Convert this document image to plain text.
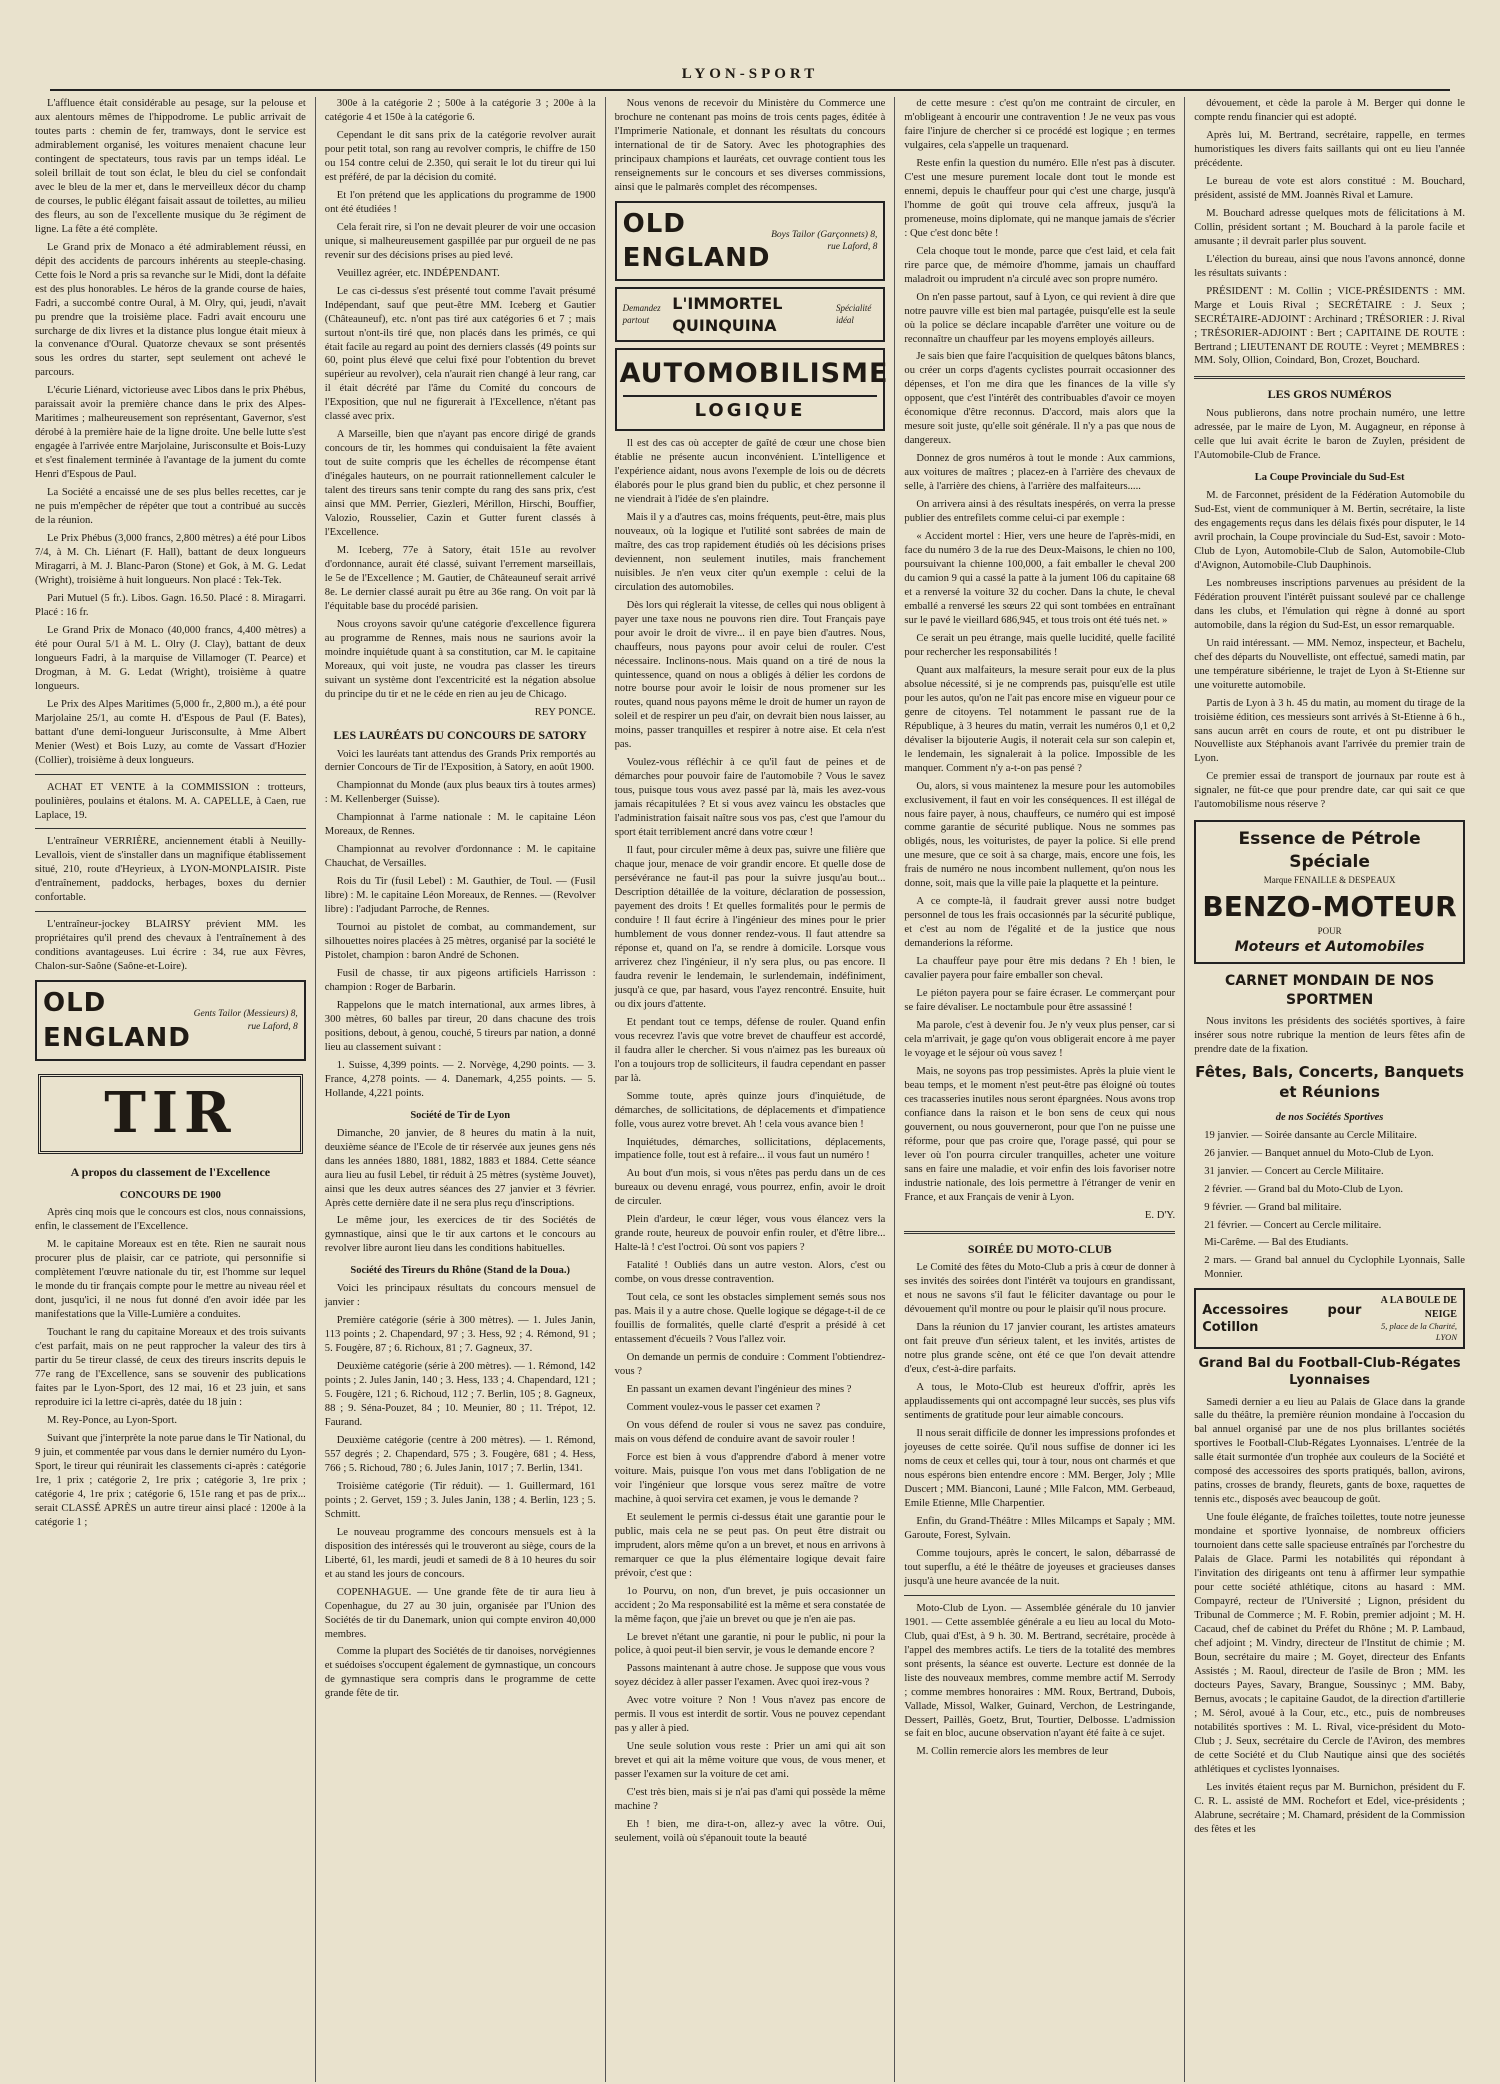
LYON-SPORT

L'affluence était considérable au pesage, sur la pelouse et aux alentours mêmes de l'hippodrome. Le public arrivait de toutes parts : chemin de fer, tramways, dont le service est admirablement organisé, les voitures menaient chacune leur contingent de spectateurs, tous ravis par un temps idéal. Le soleil brillait de tout son éclat, le bleu du ciel se confondait avec le bleu de la mer et, dans le merveilleux décor du champ de courses, le public élégant faisait assaut de toilettes, au milieu des fleurs, au son de l'excellente musique du 3e régiment de ligne. La fête a été complète.

Le Grand prix de Monaco a été admirablement réussi, en dépit des accidents de parcours inhérents au steeple-chasing. Cette fois le Nord a pris sa revanche sur le Midi, dont la défaite est des plus honorables. Le héros de la grande course de haies, Fadri, a succombé contre Oural, à M. Olry, qui, jeudi, n'avait pu prendre que la troisième place. Fadri avait encouru une surcharge de dix livres et la distance plus longue était mieux à la convenance d'Oural. Quatorze chevaux se sont présentés sous les ordres du starter, sept seulement ont achevé le parcours.

L'écurie Liénard, victorieuse avec Libos dans le prix Phébus, paraissait avoir la première chance dans le prix des Alpes-Maritimes ; malheureusement son représentant, Gavernor, s'est dérobé à la première haie de la ligne droite. Une belle lutte s'est engagée à l'arrivée entre Marjolaine, Jurisconsulte et Bois-Luzy et s'est finalement terminée à l'avantage de la jument du comte Henri d'Espous de Paul.

La Société a encaissé une de ses plus belles recettes, car je ne puis m'empêcher de répéter que tout a contribué au succès de la réunion.

Le Prix Phébus (3,000 francs, 2,800 mètres) a été pour Libos 7/4, à M. Ch. Liénart (F. Hall), battant de deux longueurs Miragarri, à M. J. Blanc-Paron (Stone) et Gok, à M. G. Ledat (Wright), troisième à huit longueurs. Non placé : Tek-Tek.

Pari Mutuel (5 fr.). Libos. Gagn. 16.50. Placé : 8. Miragarri. Placé : 16 fr.

Le Grand Prix de Monaco (40,000 francs, 4,400 mètres) a été pour Oural 5/1 à M. L. Olry (J. Clay), battant de deux longueurs Fadri, à la marquise de Villamoger (T. Pearce) et Drogman, à M. G. Ledat (Wright), troisième à quatre longueurs.

Le Prix des Alpes Maritimes (5,000 fr., 2,800 m.), a été pour Marjolaine 25/1, au comte H. d'Espous de Paul (F. Bates), battant d'une demi-longueur Jurisconsulte, à Mme Albert Menier (West) et Bois Luzy, au comte de Vassart d'Hozier (Collier), troisième à deux longueurs.

ACHAT ET VENTE à la COMMISSION : trotteurs, poulinières, poulains et étalons. M. A. CAPELLE, à Caen, rue Laplace, 19.

L'entraîneur VERRIÈRE, anciennement établi à Neuilly-Levallois, vient de s'installer dans un magnifique établissement situé, 210, route d'Heyrieux, à LYON-MONPLAISIR. Piste d'entraînement, paddocks, herbages, boxes du dernier confortable.

L'entraîneur-jockey BLAIRSY prévient MM. les propriétaires qu'il prend des chevaux à l'entraînement à des conditions avantageuses. Lui écrire : 34, rue aux Fèvres, Chalon-sur-Saône (Saône-et-Loire).

OLD ENGLAND
Gents Tailor (Messieurs) 8, rue Laford, 8
TIR
A propos du classement de l'Excellence
CONCOURS DE 1900

Après cinq mois que le concours est clos, nous connaissions, enfin, le classement de l'Excellence.

M. le capitaine Moreaux est en tête. Rien ne saurait nous procurer plus de plaisir, car ce patriote, qui personnifie si complètement l'œuvre nationale du tir, est l'homme sur lequel le monde du tir français compte pour le mettre au niveau réel et dont, jusqu'ici, il ne nous fut donné d'en avoir idée par les manifestations que la Ville-Lumière a conduites.

Touchant le rang du capitaine Moreaux et des trois suivants c'est parfait, mais on ne peut rapprocher la valeur des tirs à partir du 5e tireur classé, de ceux des tireurs inscrits depuis le 77e rang de l'Excellence, sans se souvenir des publications faites par le Lyon-Sport, des 12 mai, 16 et 23 juin, et sans reproduire ici la lettre ci-après, datée du 18 juin :

M. Rey-Ponce, au Lyon-Sport.

Suivant que j'interprète la note parue dans le Tir National, du 9 juin, et commentée par vous dans le dernier numéro du Lyon-Sport, le tireur qui réunirait les classements ci-après : catégorie 1re, 1 prix ; catégorie 2, 1re prix ; catégorie 3, 1re prix ; catégorie 4, 1re prix ; catégorie 6, 151e rang et pas de prix... serait CLASSÉ APRÈS un autre tireur ainsi placé : 1200e à la catégorie 1 ;

300e à la catégorie 2 ; 500e à la catégorie 3 ; 200e à la catégorie 4 et 150e à la catégorie 6.

Cependant le dit sans prix de la catégorie revolver aurait pour petit total, son rang au revolver compris, le chiffre de 150 ou 154 contre celui de 2.350, qui serait le lot du tireur qui lui est préféré, de par la décision du comité.

Et l'on prétend que les applications du programme de 1900 ont été étudiées !

Cela ferait rire, si l'on ne devait pleurer de voir une occasion unique, si malheureusement gaspillée par pur orgueil de ne pas revenir sur des décisions prises au pied levé.

Veuillez agréer, etc. INDÉPENDANT.

Le cas ci-dessus s'est présenté tout comme l'avait présumé Indépendant, sauf que peut-être MM. Iceberg et Gautier (Châteauneuf), etc. n'ont pas tiré aux catégories 6 et 7 ; mais surtout n'ont-ils tiré que, non placés dans les primés, ce qui était facile au regard au point des derniers classés (49 points sur 60, point plus élevé que celui fixé pour l'obtention du brevet supérieur au revolver), cela n'aurait rien changé à leur rang, car il était décrété par l'âme du Comité du concours de l'Exposition, que nul ne figurerait à l'Excellence, n'étant pas classé avec prix.

A Marseille, bien que n'ayant pas encore dirigé de grands concours de tir, les hommes qui conduisaient la fête avaient tout de suite compris que les échelles de récompense étant d'inégales hauteurs, on ne pourrait rationnellement calculer le talent des tireurs sans tenir compte du rang des sans prix, c'est ainsi que MM. Perrier, Giezleri, Mérillon, Hirschi, Bouffier, Valozio, Rousselier, Cazin et Gutter furent classés à l'Excellence.

M. Iceberg, 77e à Satory, était 151e au revolver d'ordonnance, aurait été classé, suivant l'errement marseillais, le 5e de l'Excellence ; M. Gautier, de Châteauneuf serait arrivé 8e. Le dernier classé aurait pu être au 36e rang. On voit par là l'équitable base du procédé parisien.

Nous croyons savoir qu'une catégorie d'excellence figurera au programme de Rennes, mais nous ne saurions avoir la moindre inquiétude quant à sa constitution, car M. le capitaine Moreaux, qui voit juste, ne voudra pas classer les tireurs suivant un système dont l'excentricité est la négation absolue du principe du tir et ne le céde en rien au jeu de Chicago.

REY PONCE.

LES LAURÉATS DU CONCOURS DE SATORY

Voici les lauréats tant attendus des Grands Prix remportés au dernier Concours de Tir de l'Exposition, à Satory, en août 1900.

Championnat du Monde (aux plus beaux tirs à toutes armes) : M. Kellenberger (Suisse).

Championnat à l'arme nationale : M. le capitaine Léon Moreaux, de Rennes.

Championnat au revolver d'ordonnance : M. le capitaine Chauchat, de Versailles.

Rois du Tir (fusil Lebel) : M. Gauthier, de Toul. — (Fusil libre) : M. le capitaine Léon Moreaux, de Rennes. — (Revolver libre) : l'adjudant Parroche, de Rennes.

Tournoi au pistolet de combat, au commandement, sur silhouettes noires placées à 25 mètres, organisé par la société le Pistolet, champion : baron André de Schonen.

Fusil de chasse, tir aux pigeons artificiels Harrisson : champion : Roger de Barbarin.

Rappelons que le match international, aux armes libres, à 300 mètres, 60 balles par tireur, 20 dans chacune des trois positions, debout, à genou, couché, 5 tireurs par nation, a donné lieu au classement suivant :

1. Suisse, 4,399 points. — 2. Norvège, 4,290 points. — 3. France, 4,278 points. — 4. Danemark, 4,255 points. — 5. Hollande, 4,221 points.

Société de Tir de Lyon

Dimanche, 20 janvier, de 8 heures du matin à la nuit, deuxième séance de l'Ecole de tir réservée aux jeunes gens nés dans les années 1880, 1881, 1882, 1883 et 1884. Cette séance aura lieu au fusil Lebel, tir réduit à 25 mètres (système Jouvet), ainsi que les deux autres séances des 27 janvier et 3 février. Après cette dernière date il ne sera plus reçu d'inscriptions.

Le même jour, les exercices de tir des Sociétés de gymnastique, ainsi que le tir aux cartons et le concours au revolver libre auront lieu dans les conditions habituelles.

Société des Tireurs du Rhône (Stand de la Doua.)

Voici les principaux résultats du concours mensuel de janvier :

Première catégorie (série à 300 mètres). — 1. Jules Janin, 113 points ; 2. Chapendard, 97 ; 3. Hess, 92 ; 4. Rémond, 91 ; 5. Fougère, 87 ; 6. Richoux, 81 ; 7. Gagneux, 37.

Deuxième catégorie (série à 200 mètres). — 1. Rémond, 142 points ; 2. Jules Janin, 140 ; 3. Hess, 133 ; 4. Chapendard, 121 ; 5. Fougère, 121 ; 6. Richoud, 112 ; 7. Berlin, 105 ; 8. Gagneux, 88 ; 9. Séna-Pouzet, 84 ; 10. Meunier, 80 ; 11. Trépot, 12. Faurand.

Deuxième catégorie (centre à 200 mètres). — 1. Rémond, 557 degrés ; 2. Chapendard, 575 ; 3. Fougère, 681 ; 4. Hess, 766 ; 5. Richoud, 780 ; 6. Jules Janin, 1017 ; 7. Berlin, 1341.

Troisième catégorie (Tir réduit). — 1. Guillermard, 161 points ; 2. Gervet, 159 ; 3. Jules Janin, 138 ; 4. Berlin, 123 ; 5. Schmitt.

Le nouveau programme des concours mensuels est à la disposition des intéressés qui le trouveront au siège, cours de la Liberté, 61, les mardi, jeudi et samedi de 8 à 10 heures du soir et au stand les jours de concours.

COPENHAGUE. — Une grande fête de tir aura lieu à Copenhague, du 27 au 30 juin, organisée par l'Union des Sociétés de tir du Danemark, union qui compte environ 40,000 membres.

Comme la plupart des Sociétés de tir danoises, norvégiennes et suédoises s'occupent également de gymnastique, un concours de gymnastique sera compris dans le programme de cette grande fête de tir.

Nous venons de recevoir du Ministère du Commerce une brochure ne contenant pas moins de trois cents pages, éditée à l'Imprimerie Nationale, et donnant les résultats du concours international de tir de Satory. Avec les photographies des principaux champions et lauréats, cet ouvrage contient tous les renseignements sur le concours et ses diverses commissions, ainsi que le palmarès complet des récompenses.

OLD ENGLAND
Boys Tailor (Garçonnets) 8, rue Laford, 8
Demandez partout
L'IMMORTEL QUINQUINA
Spécialité idéal
AUTOMOBILISME
LOGIQUE

Il est des cas où accepter de gaîté de cœur une chose bien établie ne présente aucun inconvénient. L'intelligence et l'expérience aidant, nous avons l'exemple de lois ou de décrets élaborés pour le plus grand bien du public, et chez personne il ne viendrait à l'idée de s'en plaindre.

Mais il y a d'autres cas, moins fréquents, peut-être, mais plus nouveaux, où la logique et l'utilité sont sabrées de main de maître, des cas trop rapidement étudiés où les décisions prises deviennent, non seulement inutiles, mais franchement nuisibles. Je n'en veux citer qu'un exemple : celui de la circulation des automobiles.

Dès lors qui réglerait la vitesse, de celles qui nous obligent à payer une taxe nous ne pouvons rien dire. Tout Français paye pour avoir le droit de vivre... il en paye bien d'autres. Nous, chauffeurs, nous payons pour avoir celui de rouler. C'est nécessaire. Inclinons-nous. Mais quand on a tiré de nous la quintessence, quand on nous a obligés à délier les cordons de notre bourse pour avoir le loisir de nous promener sur les routes, quand nous payons même le droit de humer un rayon de soleil et de respirer un peu d'air, on devrait bien nous laisser, au moins, passer tranquilles et respirer à notre aise. Et cela n'est pas.

Voulez-vous réfléchir à ce qu'il faut de peines et de démarches pour pouvoir faire de l'automobile ? Vous le savez tous, puisque tous vous avez passé par là, mais les avez-vous jamais récapitulées ? Et si vous avez vaincu les obstacles que l'administration faisait naître sous vos pas, c'est que l'amour du sport était terriblement ancré dans votre cœur !

Il faut, pour circuler même à deux pas, suivre une filière que chaque jour, menace de voir grandir encore. Et quelle dose de persévérance ne faut-il pas pour la suivre jusqu'au bout... Description détaillée de la voiture, déclaration de possession, payement des droits ! Et quelles formalités pour le permis de conduire ! Il faut écrire à l'ingénieur des mines pour le prier humblement de vous donner rendez-vous. Il faut attendre sa réponse et, quand on l'a, se rendre à domicile. Lorsque vous arriverez chez l'ingénieur, il n'y sera plus, ou pas encore. Il faudra revenir le lendemain, le surlendemain, indéfiniment, jusqu'à ce que, par hasard, vous l'ayez rencontré. Ensuite, huit ou dix jours d'attente.

Et pendant tout ce temps, défense de rouler. Quand enfin vous recevrez l'avis que votre brevet de chauffeur est accordé, il faudra aller le chercher. Si vous n'aimez pas les bureaux où l'on a toujours trop de solliciteurs, il faudra cependant en passer par là.

Somme toute, après quinze jours d'inquiétude, de démarches, de sollicitations, de déplacements et d'impatience folle, vous aurez votre brevet. Ah ! cela vous avance bien !

Inquiétudes, démarches, sollicitations, déplacements, impatience folle, tout est à refaire... il vous faut un numéro !

Au bout d'un mois, si vous n'êtes pas perdu dans un de ces bureaux ou devenu enragé, vous pourrez, enfin, avoir le droit de circuler.

Plein d'ardeur, le cœur léger, vous vous élancez vers la grande route, heureux de pouvoir enfin rouler, et d'être libre... Halte-là ! c'est l'octroi. Où sont vos papiers ?

Fatalité ! Oubliés dans un autre veston. Alors, c'est ou combe, on vous dresse contravention.

Tout cela, ce sont les obstacles simplement semés sous nos pas. Mais il y a autre chose. Quelle logique se dégage-t-il de ce fouillis de formalités, quelle clarté d'esprit a présidé à cet entassement d'écueils ? Vous l'allez voir.

On demande un permis de conduire : Comment l'obtiendrez-vous ?

En passant un examen devant l'ingénieur des mines ?

Comment voulez-vous le passer cet examen ?

On vous défend de rouler si vous ne savez pas conduire, mais on vous défend de conduire avant de savoir rouler !

Force est bien à vous d'apprendre d'abord à mener votre voiture. Mais, puisque l'on vous met dans l'obligation de ne voir l'ingénieur que lorsque vous serez maître de votre machine, à quoi servira cet examen, je vous le demande ?

Et seulement le permis ci-dessus était une garantie pour le public, mais cela ne se peut pas. On peut être distrait ou imprudent, alors même qu'on a un brevet, et nous en arrivons à remarquer ce que la plus élémentaire logique devait faire prévoir, c'est que :

1o Pourvu, on non, d'un brevet, je puis occasionner un accident ; 2o Ma responsabilité est la même et sera constatée de la même façon, que j'aie un brevet ou que je n'en aie pas.

Le brevet n'étant une garantie, ni pour le public, ni pour la police, à quoi peut-il bien servir, je vous le demande encore ?

Passons maintenant à autre chose. Je suppose que vous vous soyez décidez à aller passer l'examen. Avec quoi irez-vous ?

Avec votre voiture ? Non ! Vous n'avez pas encore de permis. Il vous est interdit de sortir. Vous ne pouvez cependant pas y aller à pied.

Une seule solution vous reste : Prier un ami qui ait son brevet et qui ait la même voiture que vous, de vous mener, et passer l'examen sur la voiture de cet ami.

C'est très bien, mais si je n'ai pas d'ami qui possède la même machine ?

Eh ! bien, me dira-t-on, allez-y avec la vôtre. Oui, seulement, voilà où s'épanouit toute la beauté

de cette mesure : c'est qu'on me contraint de circuler, en m'obligeant à encourir une contravention ! Je ne veux pas vous faire l'injure de chercher si ce procédé est logique ; en termes vulgaires, cela s'appelle un traquenard.

Reste enfin la question du numéro. Elle n'est pas à discuter. C'est une mesure purement locale dont tout le monde est ennemi, depuis le chauffeur pour qui c'est une charge, jusqu'à l'homme de goût qui trouve cela affreux, jusqu'à la promeneuse, moins diplomate, qui ne manque jamais de s'écrier : Que c'est donc bête !

Cela choque tout le monde, parce que c'est laid, et cela fait rire parce que, de mémoire d'homme, jamais un chauffard maladroit ou imprudent n'a circulé avec son propre numéro.

On n'en passe partout, sauf à Lyon, ce qui revient à dire que notre pauvre ville est bien mal partagée, puisqu'elle est la seule où la police se déclare incapable d'arrêter une voiture ou de reconnaître un chauffeur par les moyens employés ailleurs.

Je sais bien que faire l'acquisition de quelques bâtons blancs, ou créer un corps d'agents cyclistes pourrait occasionner des dépenses, et l'on me dira que les finances de la ville s'y opposent, que c'est l'intérêt des contribuables d'avoir ce moyen économique d'être reconnus. D'accord, mais alors que la mesure soit juste, qu'elle soit générale. Il n'y a pas que nous de dangereux.

Donnez de gros numéros à tout le monde : Aux cammions, aux voitures de maîtres ; placez-en à l'arrière des chevaux de selle, à l'arrière des chiens, à l'arrière des malfaiteurs.....

On arrivera ainsi à des résultats inespérés, on verra la presse publier des entrefilets comme celui-ci par exemple :

« Accident mortel : Hier, vers une heure de l'après-midi, en face du numéro 3 de la rue des Deux-Maisons, le chien no 100, poursuivant la chienne 100,000, a fait emballer le cheval 200 du camion 9 qui a cassé la patte à la jument 106 du capitaine 68 et a renversé la voiture 32 du cocher. Dans la chute, le cheval emballé a renversé les sœurs 22 qui sont tombées en entraînant sur le pavé le vieillard 686,945, et tous trois ont été tués net. »

Ce serait un peu étrange, mais quelle lucidité, quelle facilité pour rechercher les responsabilités !

Quant aux malfaiteurs, la mesure serait pour eux de la plus absolue nécessité, si je ne comprends pas, puisqu'elle est utile pour les autos, qu'on ne l'ait pas encore mise en vigueur pour ce genre de citoyens. Tel notamment le passant rue de la République, à 3 heures du matin, verrait les numéros 0,1 et 0,2 dévaliser la bijouterie Augis, il noterait cela sur son calepin et, le lendemain, les signalerait à la police. Impossible de les manquer. Comment n'y a-t-on pas pensé ?

Ou, alors, si vous maintenez la mesure pour les automobiles exclusivement, il faut en voir les conséquences. Il est illégal de nous faire payer, à nous, chauffeurs, ce numéro qui est imposé comme garantie de sécurité publique. Nous ne sommes pas obligés, nous, les voituristes, de payer la police. Si elle prend une mesure, que ce soit à sa charge, mais, encore une fois, les frais de numéro ne nous incombent nullement, qu'on nous les donne, soit, mais que la ville paie la plaquette et la peinture.

A ce compte-là, il faudrait grever aussi notre budget personnel de tous les frais occasionnés par la sécurité publique, et c'est au nom de l'égalité et de la justice que nous demanderions la réforme.

La chauffeur paye pour être mis dedans ? Eh ! bien, le cavalier payera pour faire emballer son cheval.

Le piéton payera pour se faire écraser. Le commerçant pour se faire dévaliser. Le noctambule pour être assassiné !

Ma parole, c'est à devenir fou. Je n'y veux plus penser, car si cela m'arrivait, je gage qu'on vous obligerait encore à me payer le voyage et le séjour où vous savez !

Mais, ne soyons pas trop pessimistes. Après la pluie vient le beau temps, et le moment n'est peut-être pas éloigné où toutes ces tracasseries inutiles nous seront épargnées. Nous avons trop confiance dans la raison et le bon sens de ceux qui nous gouvernent, ou nous gouverneront, pour que l'on ne puisse une réforme, pour que pas croire que, l'orage passé, qui pour se lever où l'on pourra circuler tranquilles, acheter une voiture sans en faire une maladie, et voir enfin des lois favoriser notre industrie nationale, des lois permettre à l'étranger de venir en France, et aux Français de venir à Lyon.

E. D'Y.

SOIRÉE DU MOTO-CLUB

Le Comité des fêtes du Moto-Club a pris à cœur de donner à ses invités des soirées dont l'intérêt va toujours en grandissant, et nous ne savons s'il faut le féliciter davantage ou pour le dévouement qu'il montre ou pour le plaisir qu'il nous procure.

Dans la réunion du 17 janvier courant, les artistes amateurs ont fait preuve d'un sérieux talent, et les invités, artistes de notre plus grande scène, ont été ce que l'on devait attendre d'eux, c'est-à-dire parfaits.

A tous, le Moto-Club est heureux d'offrir, après les applaudissements qui ont accompagné leur succès, ses plus vifs sentiments de gratitude pour leur aimable concours.

Il nous serait difficile de donner les impressions profondes et joyeuses de cette soirée. Qu'il nous suffise de donner ici les noms de ceux et celles qui, tour à tour, nous ont charmés et que nous espérons bien entendre encore : MM. Berger, Joly ; Mlle Duscert ; MM. Bianconi, Launé ; Mlle Falcon, MM. Gerbeaud, Emile Etienne, Mlle Charpentier.

Enfin, du Grand-Théâtre : Mlles Milcamps et Sapaly ; MM. Garoute, Forest, Sylvain.

Comme toujours, après le concert, le salon, débarrassé de tout superflu, a été le théâtre de joyeuses et gracieuses danses jusqu'à une heure avancée de la nuit.

Moto-Club de Lyon. — Assemblée générale du 10 janvier 1901. — Cette assemblée générale a eu lieu au local du Moto-Club, quai d'Est, à 9 h. 30. M. Bertrand, secrétaire, procède à l'appel des membres actifs. Le tiers de la totalité des membres sont présents, la séance est ouverte. Lecture est donnée de la liste des nouveaux membres, comme membre actif M. Serrody ; comme membres honoraires : MM. Roux, Bertrand, Dubois, Vallade, Missol, Walker, Guinard, Verchon, de Lestringande, Dessert, Paillès, Goetz, Brut, Tourtier, Delbosse. L'admission se fait en bloc, aucune observation n'ayant été faite à ce sujet.

M. Collin remercie alors les membres de leur

dévouement, et cède la parole à M. Berger qui donne le compte rendu financier qui est adopté.

Après lui, M. Bertrand, secrétaire, rappelle, en termes humoristiques les divers faits saillants qui ont eu lieu l'année précédente.

Le bureau de vote est alors constitué : M. Bouchard, président, assisté de MM. Joannès Rival et Lamure.

M. Bouchard adresse quelques mots de félicitations à M. Collin, président sortant ; M. Bouchard à la parole facile et amusante ; il devrait parler plus souvent.

L'élection du bureau, ainsi que nous l'avons annoncé, donne les résultats suivants :

PRÉSIDENT : M. Collin ; VICE-PRÉSIDENTS : MM. Marge et Louis Rival ; SECRÉTAIRE : J. Seux ; SECRÉTAIRE-ADJOINT : Archinard ; TRÉSORIER : J. Rival ; TRÉSORIER-ADJOINT : Bert ; CAPITAINE DE ROUTE : Bertrand ; LIEUTENANT DE ROUTE : Veyret ; MEMBRES : MM. Soly, Ollion, Coindard, Bon, Crozet, Bouchard.

LES GROS NUMÉROS

Nous publierons, dans notre prochain numéro, une lettre adressée, par le maire de Lyon, M. Augagneur, en réponse à celle que lui avait écrite le baron de Zuylen, président de l'Automobile-Club de France.

La Coupe Provinciale du Sud-Est

M. de Farconnet, président de la Fédération Automobile du Sud-Est, vient de communiquer à M. Bertin, secrétaire, la liste des engagements reçus dans les délais fixés pour disputer, le 14 avril prochain, la Coupe provinciale du Sud-Est, savoir : Moto-Club de Lyon, Automobile-Club de Salon, Automobile-Club d'Avignon, Automobile-Club Dauphinois.

Les nombreuses inscriptions parvenues au président de la Fédération prouvent l'intérêt puissant soulevé par ce challenge dans les clubs, et l'émulation qui règne à donné au sport automobile, dans la région du Sud-Est, un essor remarquable.

Un raid intéressant. — MM. Nemoz, inspecteur, et Bachelu, chef des départs du Nouvelliste, ont effectué, samedi matin, par une température sibérienne, le trajet de Lyon à St-Etienne sur une voiturette automobile.

Partis de Lyon à 3 h. 45 du matin, au moment du tirage de la troisième édition, ces messieurs sont arrivés à St-Etienne à 6 h., sans aucun arrêt en cours de route, et ont pu distribuer le Nouvelliste aux Stéphanois avant l'arrivée du premier train de Lyon.

Ce premier essai de transport de journaux par route est à signaler, ne fût-ce que pour prendre date, car qui sait ce que l'automobilisme nous réserve ?

Essence de Pétrole Spéciale
Marque FENAILLE & DESPEAUX
BENZO-MOTEUR
POUR
Moteurs et Automobiles
CARNET MONDAIN DE NOS SPORTMEN

Nous invitons les présidents des sociétés sportives, à faire insérer sous notre rubrique la mention de leurs fêtes afin de prendre date de la fixation.

Fêtes, Bals, Concerts, Banquets et Réunions
de nos Sociétés Sportives

19 janvier. — Soirée dansante au Cercle Militaire.

26 janvier. — Banquet annuel du Moto-Club de Lyon.

31 janvier. — Concert au Cercle Militaire.

2 février. — Grand bal du Moto-Club de Lyon.

9 février. — Grand bal militaire.

21 février. — Concert au Cercle militaire.

Mi-Carême. — Bal des Etudiants.

2 mars. — Grand bal annuel du Cyclophile Lyonnais, Salle Monnier.

Accessoires pour Cotillon
A LA BOULE DE NEIGE
5, place de la Charité, LYON
Grand Bal du Football-Club-Régates Lyonnaises

Samedi dernier a eu lieu au Palais de Glace dans la grande salle du théâtre, la première réunion mondaine à l'occasion du bal annuel organisé par une de nos plus brillantes sociétés sportives le Football-Club-Régates Lyonnaises. L'entrée de la salle était surmontée d'un trophée aux couleurs de la Société et composé des accessoires des sports pratiqués, ballon, avirons, patins, crosses de brandy, fleurets, gants de boxe, raquettes de tennis etc., disposés avec beaucoup de goût.

Une foule élégante, de fraîches toilettes, toute notre jeunesse mondaine et sportive lyonnaise, de nombreux officiers tournoient dans cette salle spacieuse entraînés par l'orchestre du Palais de Glace. Parmi les notabilités qui répondant à l'invitation des dirigeants ont tenu à affirmer leur sympathie pour cette société athlétique, citons au hasard : MM. Compayré, recteur de l'Université ; Lignon, président du Tribunal de Commerce ; M. F. Robin, premier adjoint ; M. H. Cacaud, chef de cabinet du Préfet du Rhône ; M. P. Lambaud, chef adjoint ; M. Vindry, directeur de l'Institut de chimie ; M. Boun, secrétaire du maire ; M. Goyet, directeur des Enfants Assistés ; M. Raoul, directeur de l'asile de Bron ; MM. les docteurs Payes, Savary, Brangue, Soussinyc ; MM. Baby, Bernus, avocats ; le capitaine Gaudot, de la direction d'artillerie ; M. Sérol, avoué à la Cour, etc., etc., puis de nombreuses notabilités sportives : M. L. Rival, vice-président du Moto-Club ; J. Seux, secrétaire du Cercle de l'Aviron, des membres de cette Société et du Club Nautique ainsi que des sociétés athlétiques et cyclistes lyonnaises.

Les invités étaient reçus par M. Burnichon, président du F. C. R. L. assisté de MM. Rochefort et Edel, vice-présidents ; Alabrune, secrétaire ; M. Chamard, président de la Commission des fêtes et les
